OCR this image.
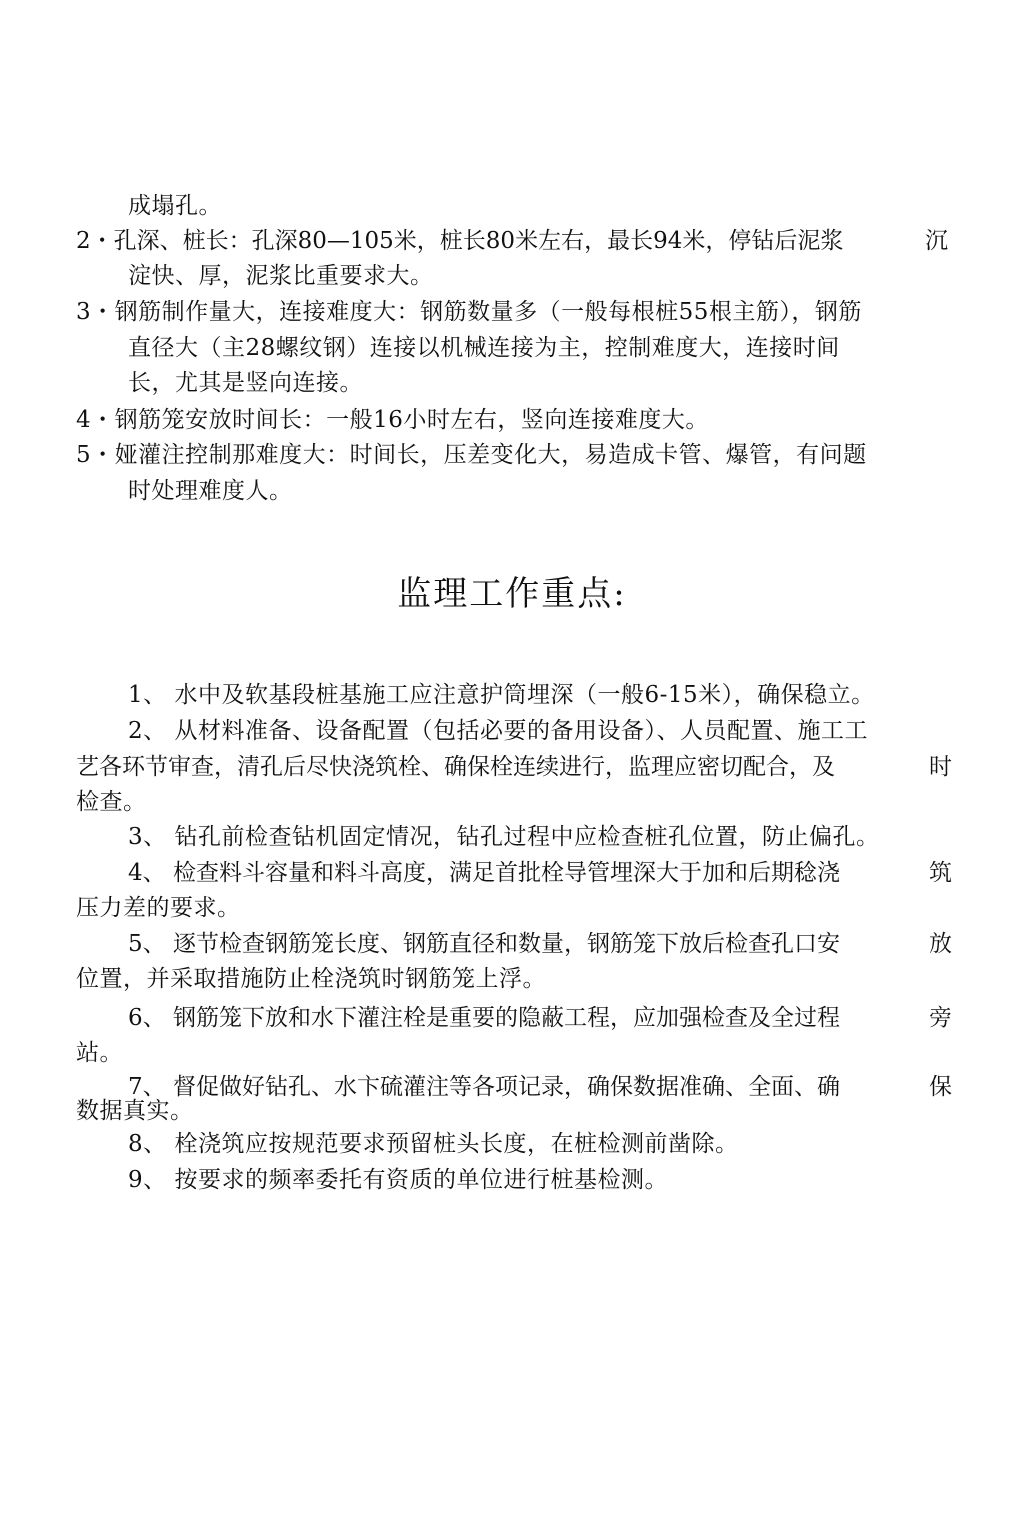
成塌孔。
2・孔深、桩长：孔深80—105米，桩长80米左右，最长94米，停钻后泥浆	沉
淀快、厚，泥浆比重要求大。
3・钢筋制作量大，连接难度大：钢筋数量多（一般每根桩55根主筋），钢筋
直径大（主28螺纹钢）连接以机械连接为主，控制难度大，连接时间
长，尤其是竖向连接。
4・钢筋笼安放时间长：一般16小时左右，竖向连接难度大。
5・娅灌注控制那难度大：时间长，压差变化大，易造成卡管、爆管，有问题
时处理难度人。
监理工作重点:
1、 水中及软基段桩基施工应注意护筒埋深（一般6-15米），确保稳立。
2、 从材料准备、设备配置（包括必要的备用设备）、人员配置、施工工
艺各环节审查，清孔后尽快浇筑栓、确保栓连续进行，监理应密切配合，及	时
检查。
3、 钻孔前检查钻机固定情况，钻孔过程中应检查桩孔位置，防止偏孔。
4、 检查料斗容量和料斗高度，满足首批栓导管埋深大于加和后期稔浇	筑
压力差的要求。
5、 逐节检查钢筋笼长度、钢筋直径和数量，钢筋笼下放后检查孔口安	放
位置，并采取措施防止栓浇筑时钢筋笼上浮。
6、 钢筋笼下放和水下灌注栓是重要的隐蔽工程，应加强检查及全过程	旁
站。
7、 督促做好钻孔、水卞硫灌注等各项记录，确保数据准确、全面、确	保
数据真实。
8、 栓浇筑应按规范要求预留桩头长度，在桩检测前凿除。
9、 按要求的频率委托有资质的单位进行桩基检测。
